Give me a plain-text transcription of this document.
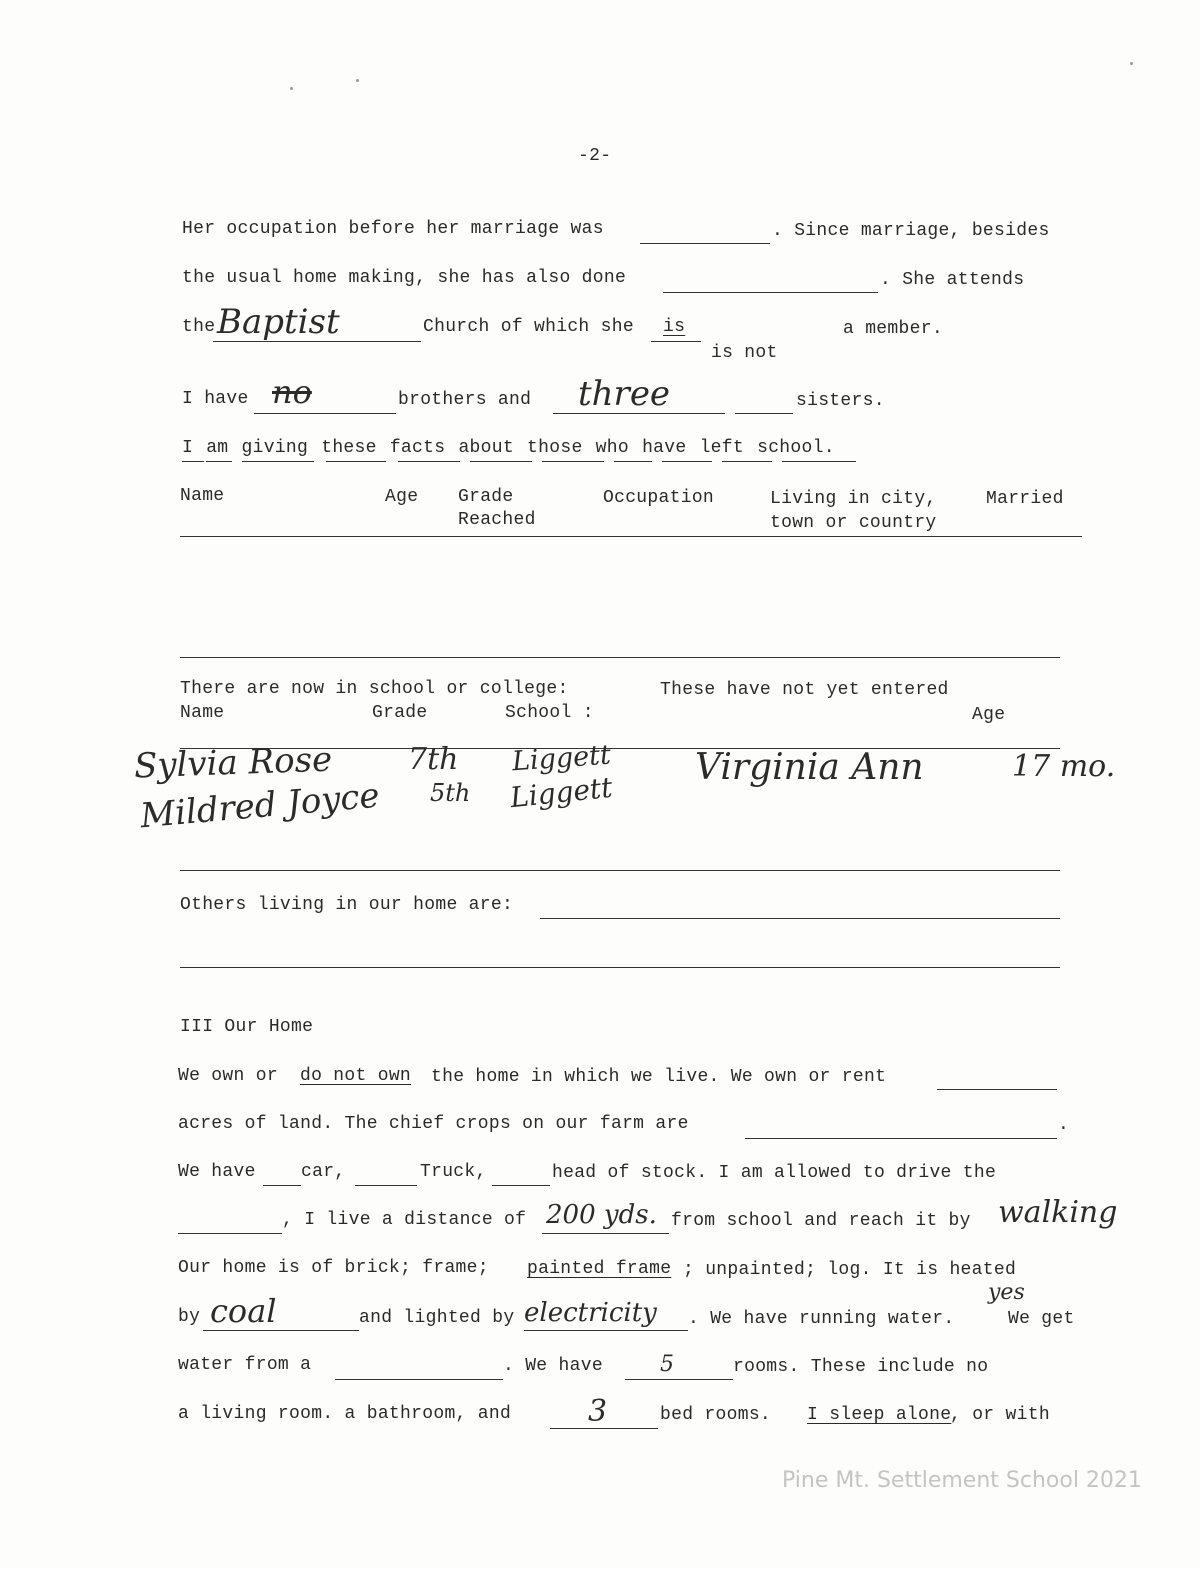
-2-
Her occupation before her marriage was	. Since marriage, besides
the usual home making, she has also done	. She attends
the Baptist	Church of which she is
is not
a member.
I have no	brothers and three	sisters.
I am giving these facts about those who have left school.
Name	Age Grade
Reached
Occupation	Living in city,
town or country
Married
There are now in school or college:	These have not yet entered
Name	Grade	School :	Age
Sylvia Rose	7th Liggett
Mildred Joyce 5th Liggett
Virginia Ann	17 mo.
Others living in our home are:
III Our Home
We own or do not own the home in which we live. We own or rent
acres of land. The chief crops on our farm are	.
We have	car,	Truck,	head of stock. I am allowed to drive the
, I live a distance of 200 yds. from school and reach it by walking
Our home is of brick; frame; painted frame ; unpainted; log. It is heated
by coal	and lighted by electricity . We have running water.
yes
We get
water from a	. We have	5	rooms. These include no
a living room. a bathroom, and	3	bed rooms. I sleep alone
, or with
Pine Mt. Settlement School 2021
